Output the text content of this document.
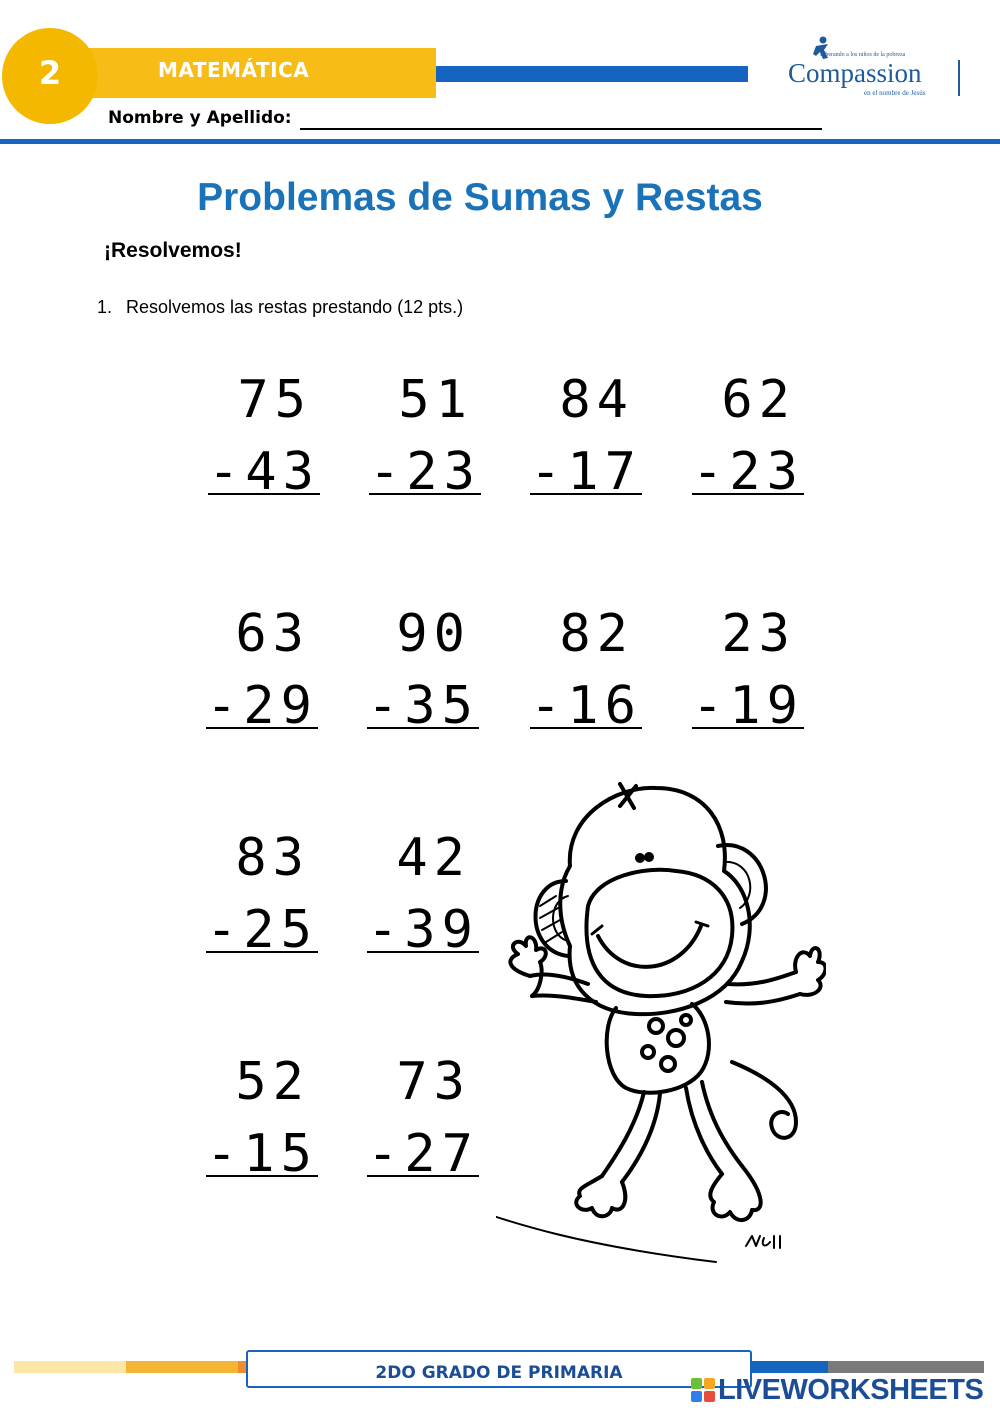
2	MATEMÁTICA
Nombre y Apellido:
Liberando a los niños de la pobreza
Compassion
en el nombre de Jesús
Problemas de Sumas y Restas
¡Resolvemos!
1. Resolvemos las restas prestando (12 pts.)
75
-43
51
-23
84
-17
62
-23
63
-29
90
-35
82
-16
23
-19
83
-25
42
-39
52
-15
73
-27
2DO GRADO DE PRIMARIA
LIVEWORKSHEETS
